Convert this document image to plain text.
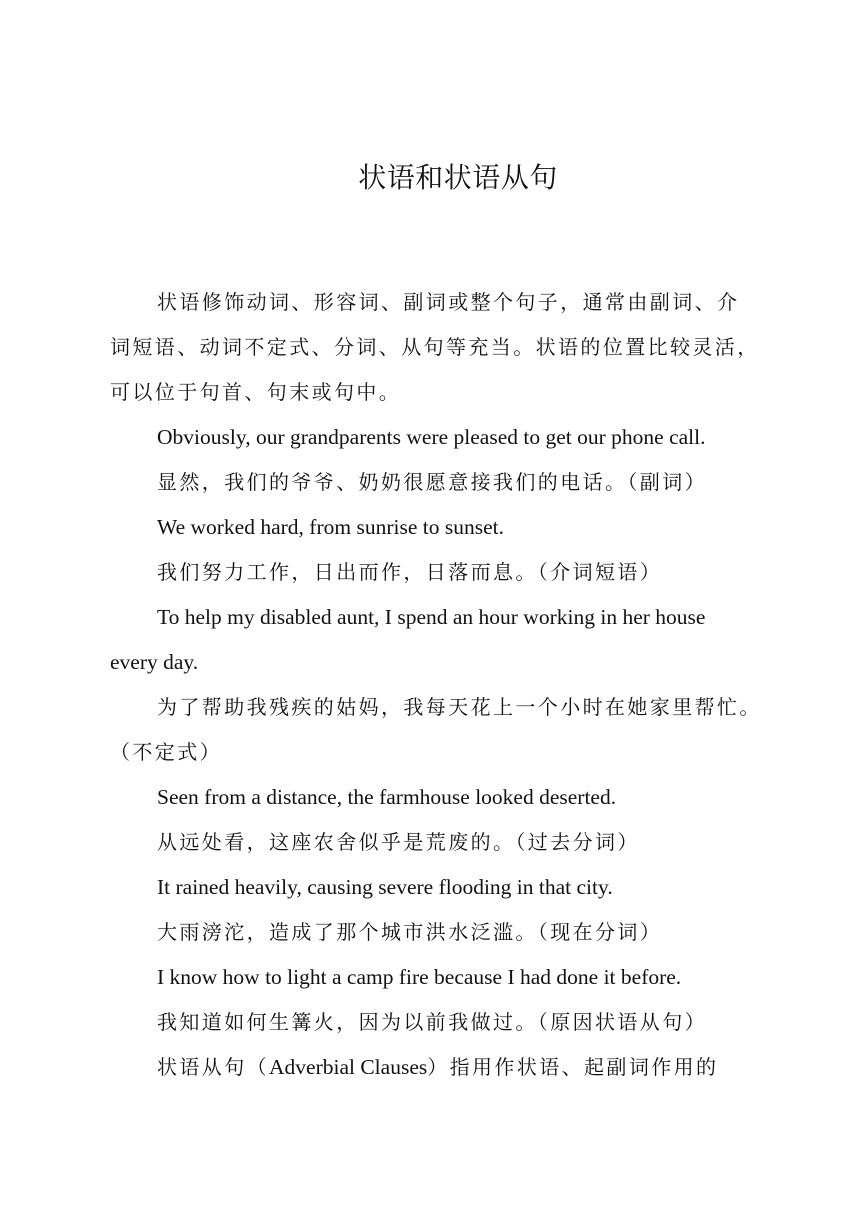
状语和状语从句

状语修饰动词、形容词、副词或整个句子，通常由副词、介

词短语、动词不定式、分词、从句等充当。状语的位置比较灵活，

可以位于句首、句末或句中。

Obviously, our grandparents were pleased to get our phone call.

显然，我们的爷爷、奶奶很愿意接我们的电话。（副词）

We worked hard, from sunrise to sunset.

我们努力工作，日出而作，日落而息。（介词短语）

To help my disabled aunt, I spend an hour working in her house

every day.

为了帮助我残疾的姑妈，我每天花上一个小时在她家里帮忙。

（不定式）

Seen from a distance, the farmhouse looked deserted.

从远处看，这座农舍似乎是荒废的。（过去分词）

It rained heavily, causing severe flooding in that city.

大雨滂沱，造成了那个城市洪水泛滥。（现在分词）

I know how to light a camp fire because I had done it before.

我知道如何生篝火，因为以前我做过。（原因状语从句）

状语从句（Adverbial Clauses）指用作状语、起副词作用的
